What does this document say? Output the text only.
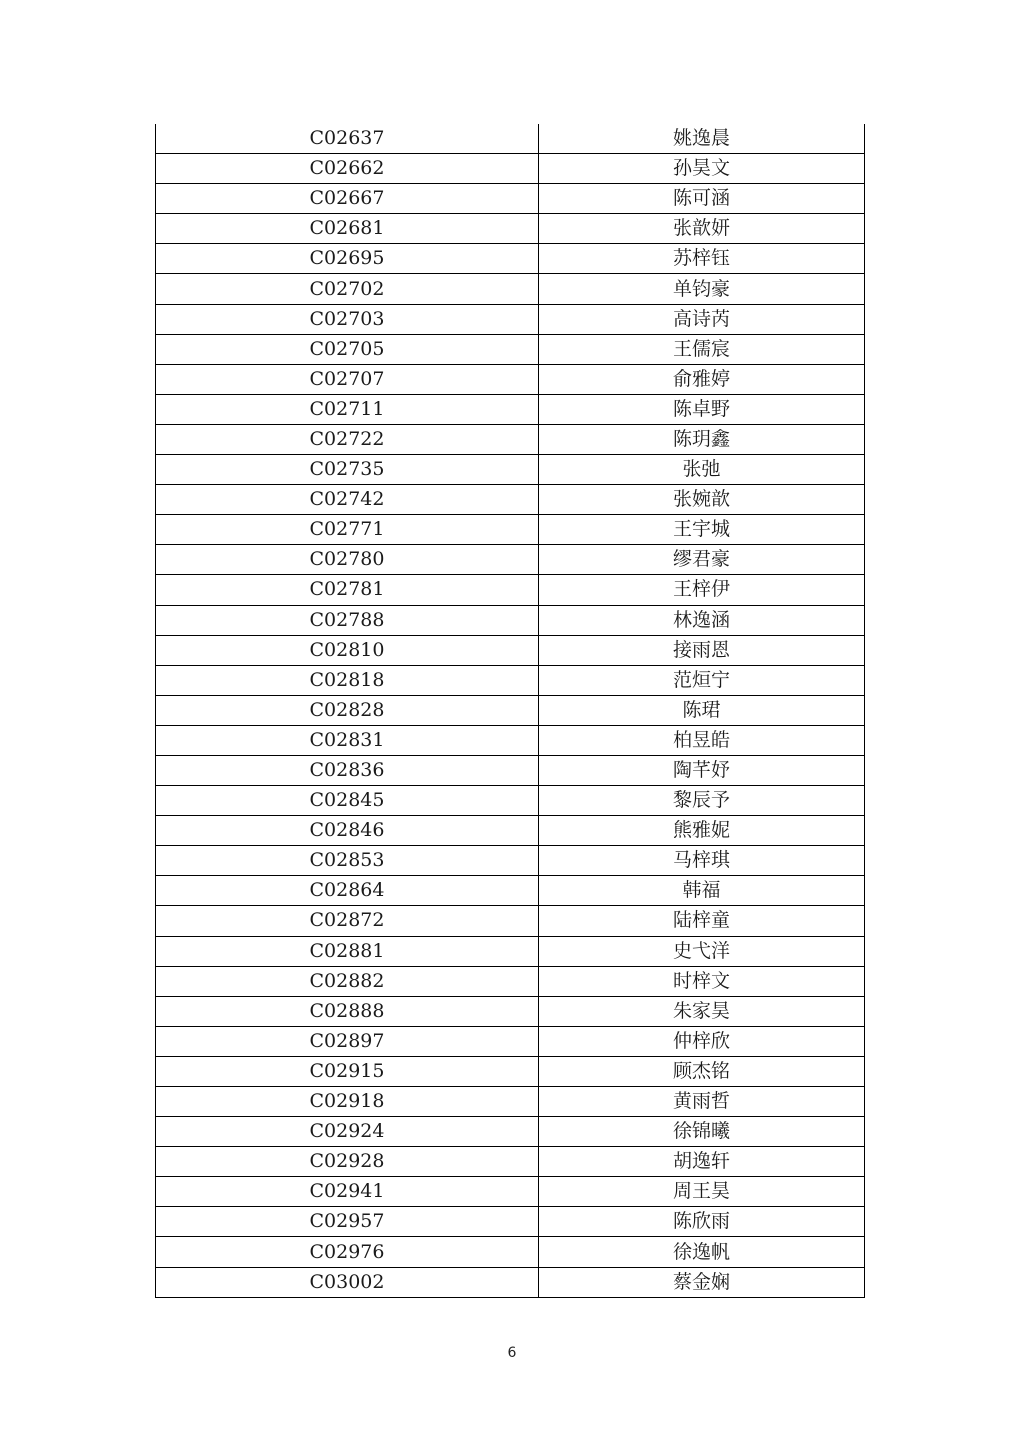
C02637	姚逸晨
C02662	孙昊文
C02667	陈可涵
C02681	张歆妍
C02695	苏梓钰
C02702	单钧豪
C02703	高诗芮
C02705	王儒宸
C02707	俞雅婷
C02711	陈卓野
C02722	陈玥鑫
C02735	张弛
C02742	张婉歆
C02771	王宇城
C02780	缪君豪
C02781	王梓伊
C02788	林逸涵
C02810	接雨恩
C02818	范烜宁
C02828	陈珺
C02831	柏昱皓
C02836	陶芊妤
C02845	黎辰予
C02846	熊雅妮
C02853	马梓琪
C02864	韩福
C02872	陆梓童
C02881	史弋洋
C02882	时梓文
C02888	朱家昊
C02897	仲梓欣
C02915	顾杰铭
C02918	黄雨哲
C02924	徐锦曦
C02928	胡逸轩
C02941	周王昊
C02957	陈欣雨
C02976	徐逸帆
C03002	蔡金娴
6
